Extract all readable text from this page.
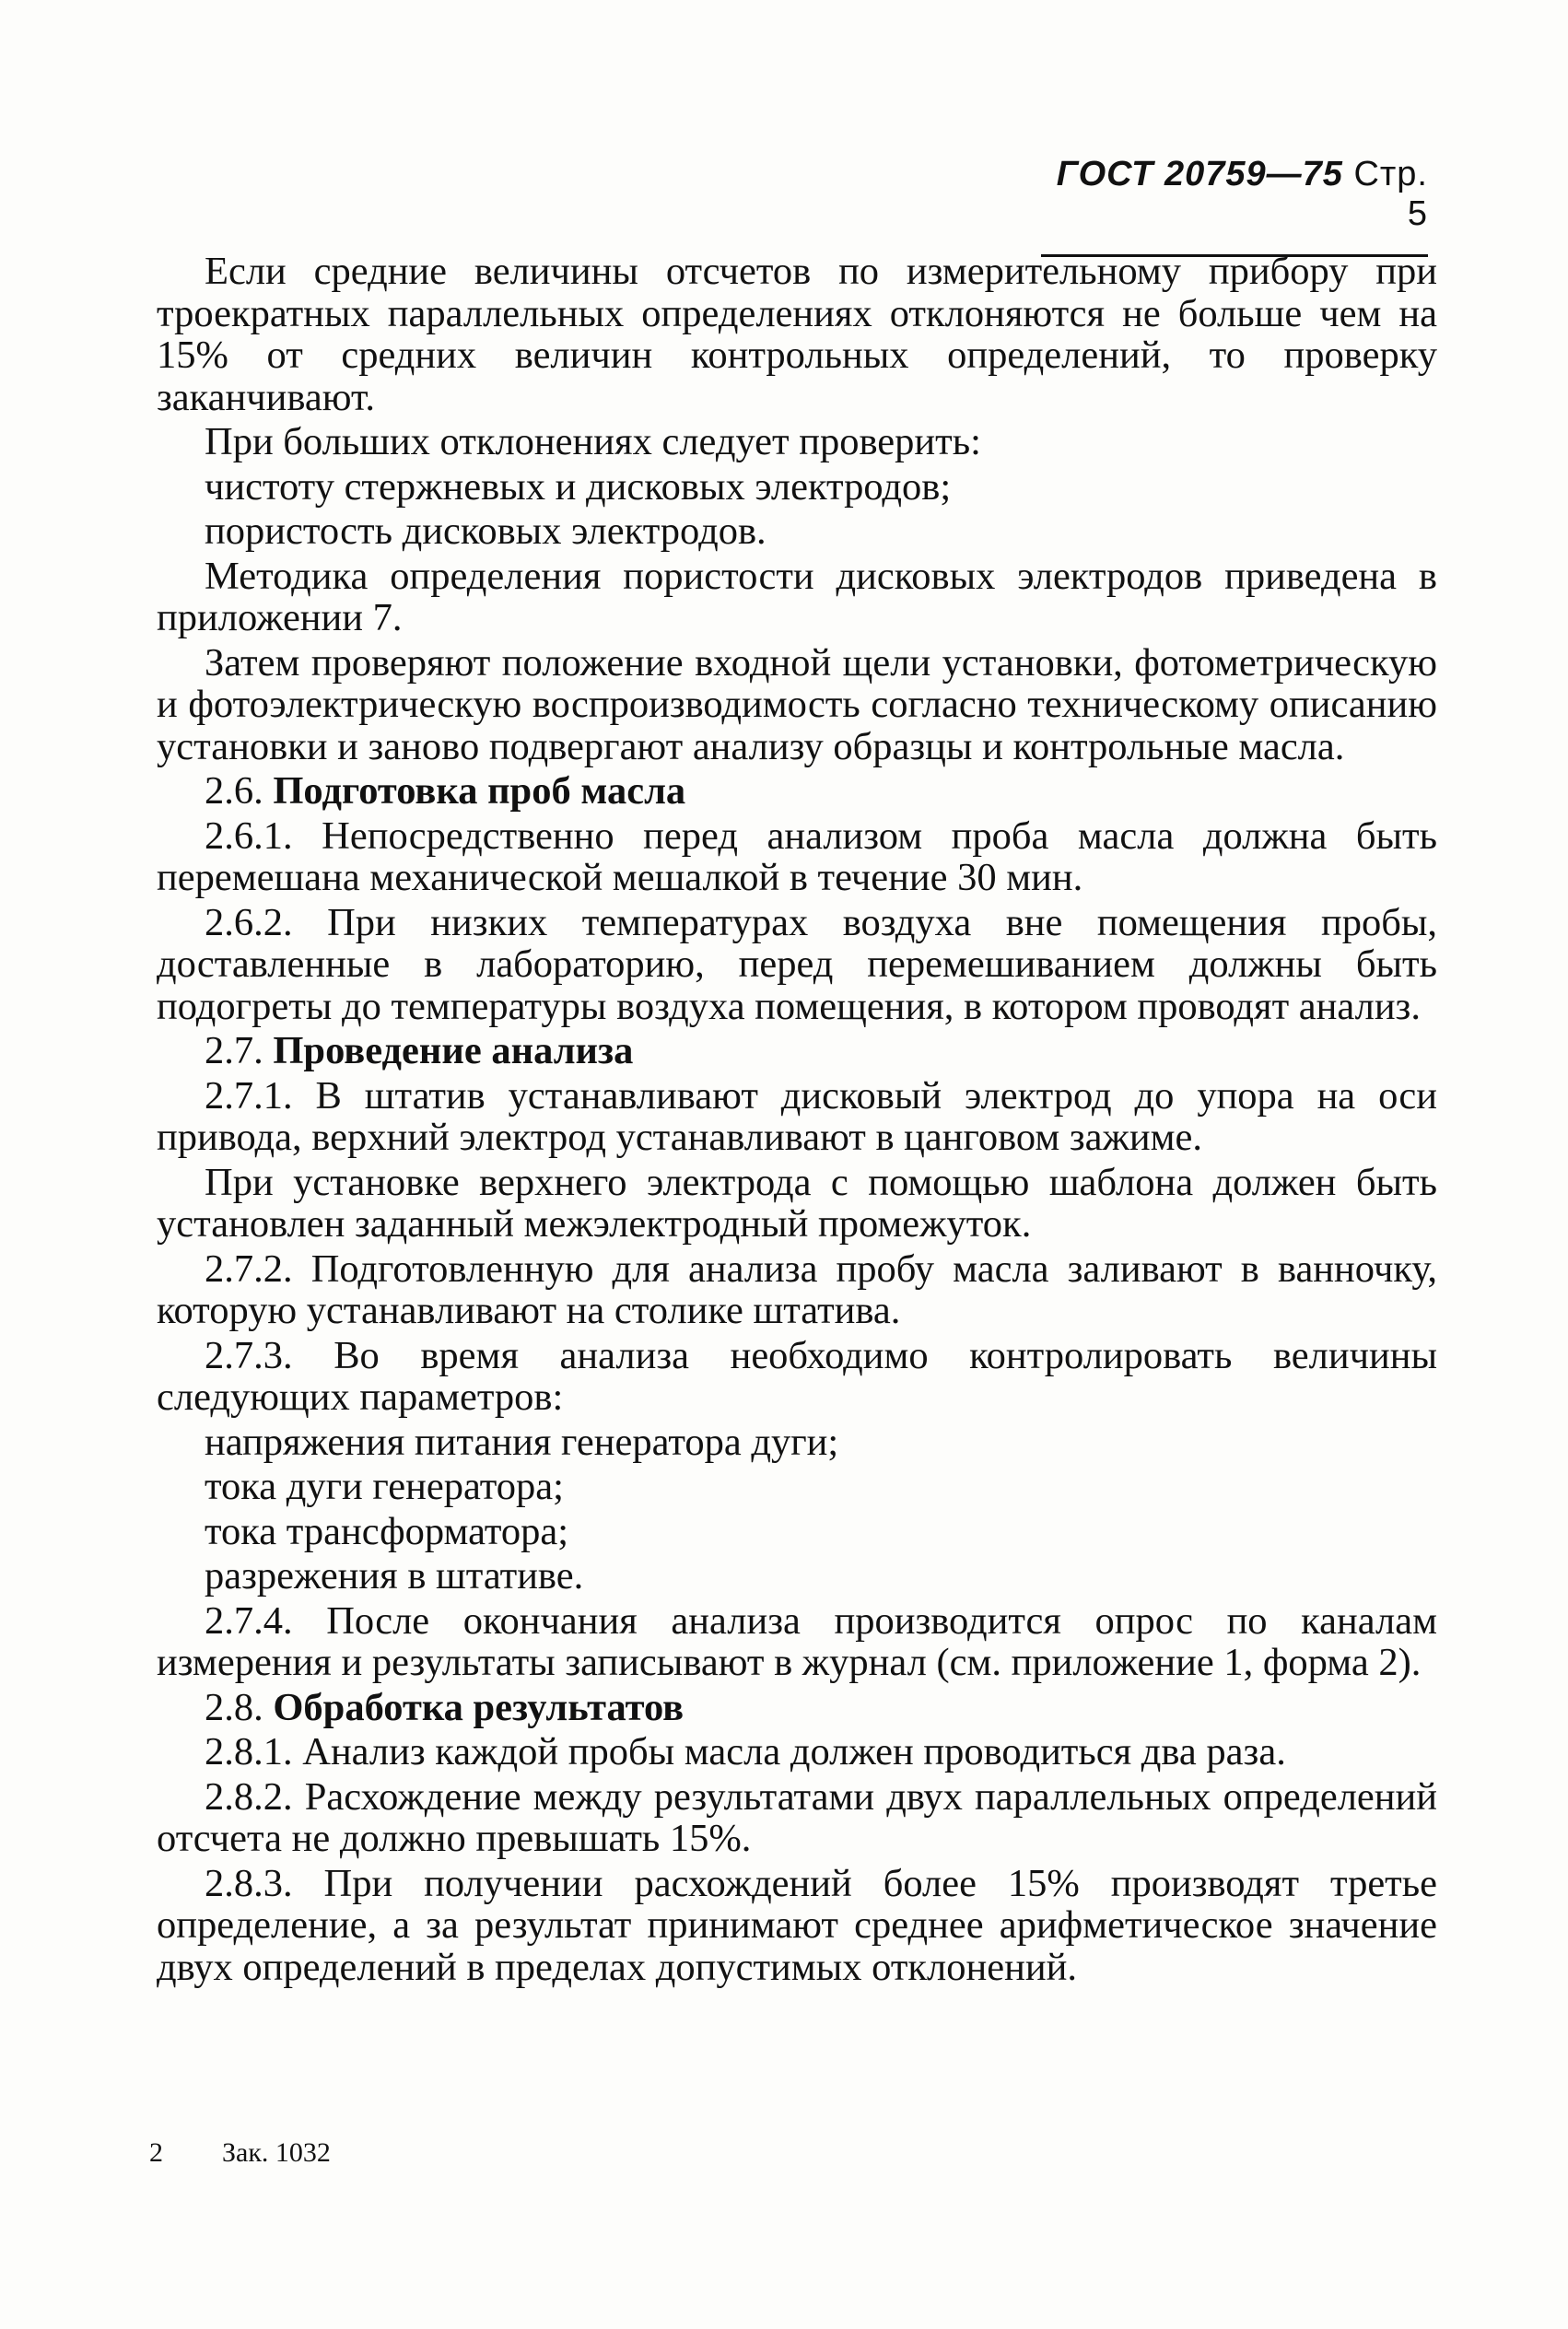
ГОСТ 20759—75 Стр. 5

Если средние величины отсчетов по измерительному прибору при троекратных параллельных определениях отклоняются не больше чем на 15% от средних величин контрольных определений, то проверку заканчивают.

При больших отклонениях следует проверить:

чистоту стержневых и дисковых электродов;

пористость дисковых электродов.

Методика определения пористости дисковых электродов приведена в приложении 7.

Затем проверяют положение входной щели установки, фотометрическую и фотоэлектрическую воспроизводимость согласно техническому описанию установки и заново подвергают анализу образцы и контрольные масла.

2.6. Подготовка проб масла

2.6.1. Непосредственно перед анализом проба масла должна быть перемешана механической мешалкой в течение 30 мин.

2.6.2. При низких температурах воздуха вне помещения пробы, доставленные в лабораторию, перед перемешиванием должны быть подогреты до температуры воздуха помещения, в котором проводят анализ.

2.7. Проведение анализа

2.7.1. В штатив устанавливают дисковый электрод до упора на оси привода, верхний электрод устанавливают в цанговом зажиме.

При установке верхнего электрода с помощью шаблона должен быть установлен заданный межэлектродный промежуток.

2.7.2. Подготовленную для анализа пробу масла заливают в ванночку, которую устанавливают на столике штатива.

2.7.3. Во время анализа необходимо контролировать величины следующих параметров:

напряжения питания генератора дуги;

тока дуги генератора;

тока трансформатора;

разрежения в штативе.

2.7.4. После окончания анализа производится опрос по каналам измерения и результаты записывают в журнал (см. приложение 1, форма 2).

2.8. Обработка результатов

2.8.1. Анализ каждой пробы масла должен проводиться два раза.

2.8.2. Расхождение между результатами двух параллельных определений отсчета не должно превышать 15%.

2.8.3. При получении расхождений более 15% производят третье определение, а за результат принимают среднее арифметическое значение двух определений в пределах допустимых отклонений.

2 Зак. 1032
